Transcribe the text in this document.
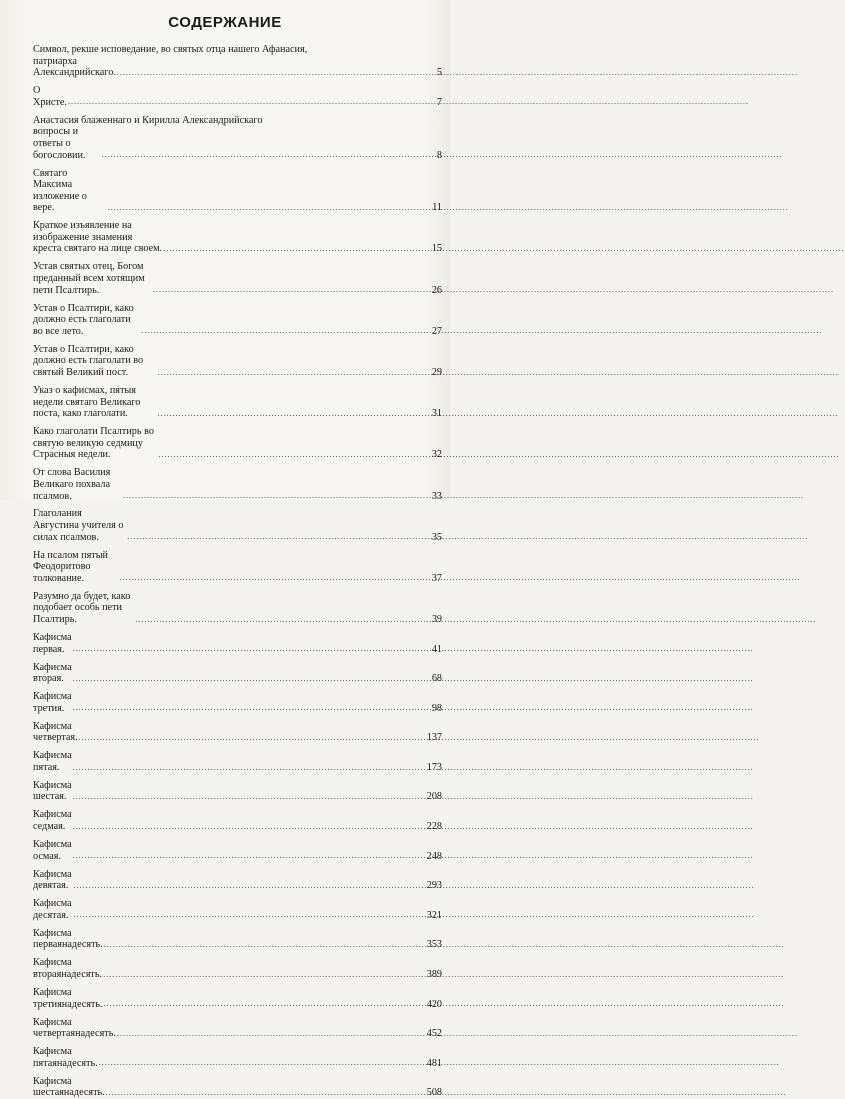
СОДЕРЖАНИЕ
Символ, рекше исповедание, во святых отца нашего Афанасия,
патриарха Александрийскаго. .....	5
О Христе. .....	7
Анастасия блаженнаго и Кирилла Александрийскаго
вопросы и ответы о богословии. .....	8
Святаго Максима изложение о вере. .....	11
Краткое изъявление на изображение знамения креста святаго на лице своем. .....	15
Устав святых отец, Богом преданный всем хотящим пети Псалтирь. .....	26
Устав о Псалтири, како должно есть глаголати во все лето. .....	27
Устав о Псалтири, како должно есть глаголати во святый Великий пост. .....	29
Указ о кафисмах, пятыя недели святаго Великаго поста, како глаголати. .....	31
Како глаголати Псалтирь во святую великую седмицу Страсныя недели. .....	32
От слова Василия Великаго похвала псалмов. .....	33
Глаголания Августина учителя о силах псалмов. .....	35
На псалом пятый Феодоритово толкование. .....	37
Разумно да будет, како подобает особь пети Псалтирь. .....	39
Кафисма первая. .....	41
Кафисма вторая. .....	68
Кафисма третия. .....	98
Кафисма четвертая. .....	137
Кафисма пятая. .....	173
Кафисма шестая. .....	208
Кафисма седмая. .....	228
Кафисма осмая. .....	248
Кафисма девятая. .....	293
Кафисма десятая. .....	321
Кафисма перваянадесять. .....	353
Кафисма втораянадесять. .....	389
Кафисма третиянадесять. .....	420
Кафисма четвертаянадесять. .....	452
Кафисма пятаянадесять. .....	481
Кафисма шестаянадесять. .....	508
